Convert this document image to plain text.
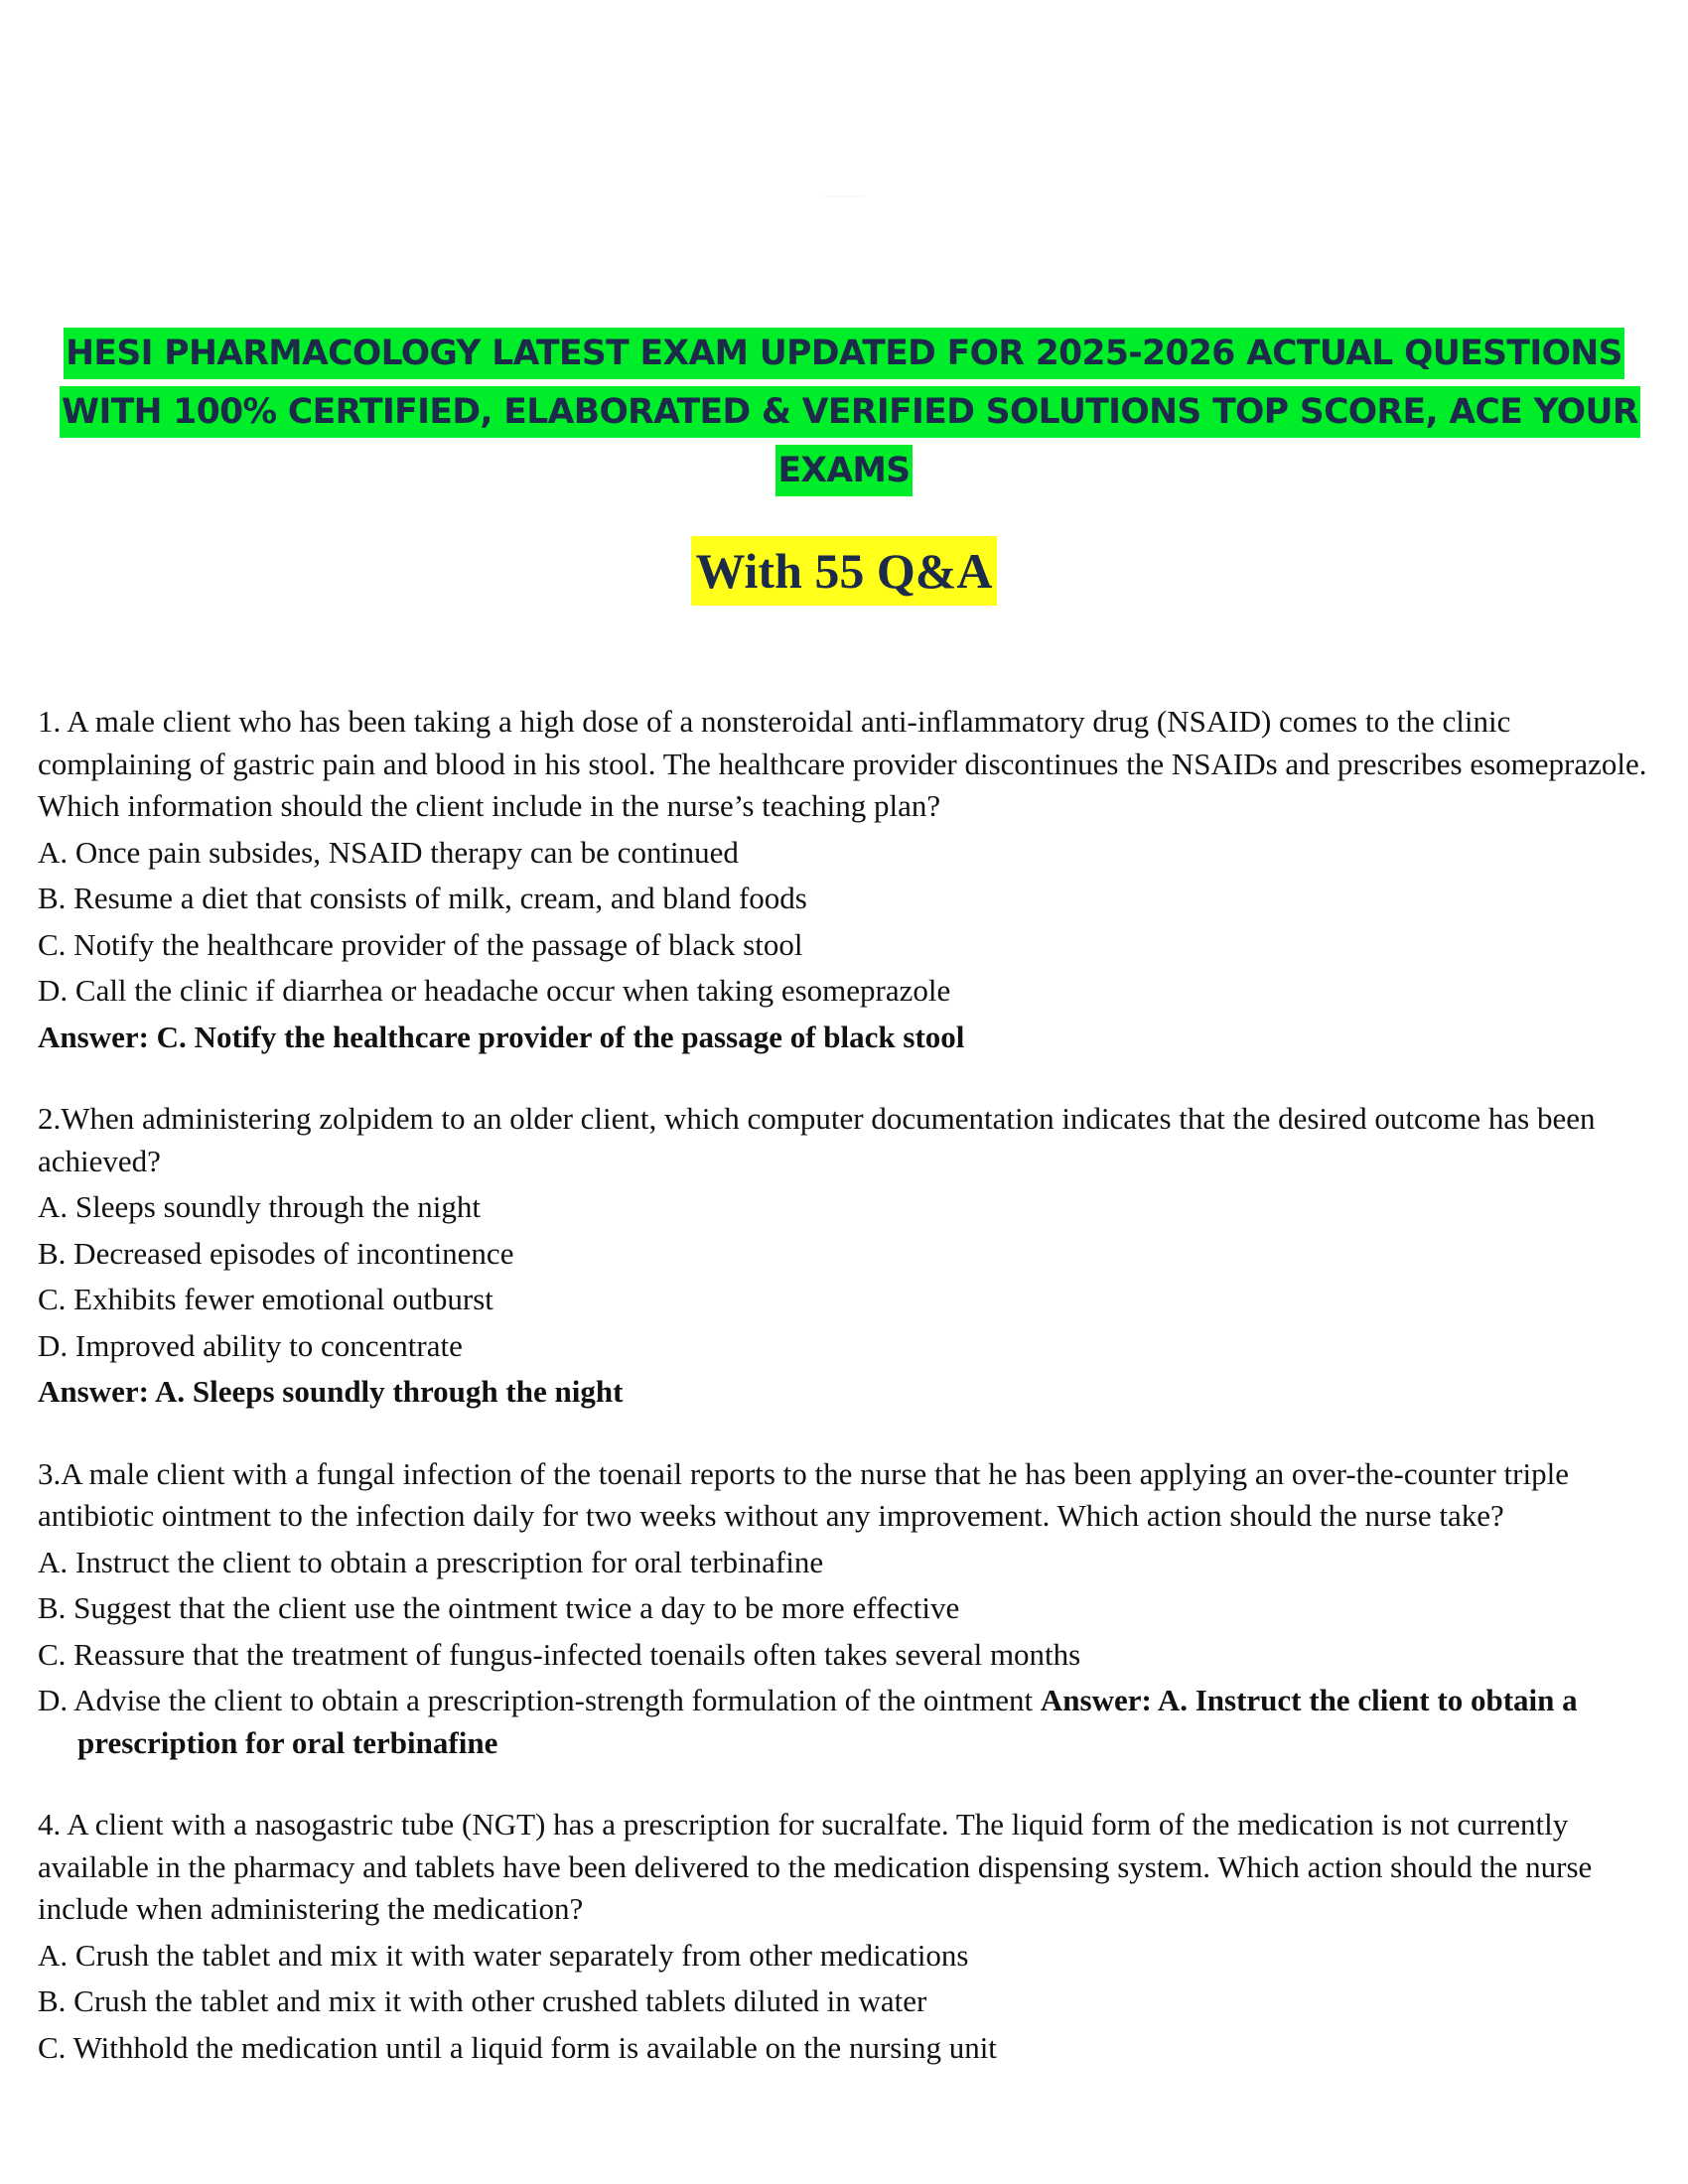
…………………………
HESI PHARMACOLOGY LATEST EXAM UPDATED FOR 2025-2026 ACTUAL QUESTIONS
WITH 100% CERTIFIED, ELABORATED & VERIFIED SOLUTIONS TOP SCORE, ACE YOUR
EXAMS
With 55 Q&A

1. A male client who has been taking a high dose of a nonsteroidal anti-inflammatory drug (NSAID) comes to the clinic complaining of gastric pain and blood in his stool. The healthcare provider discontinues the NSAIDs and prescribes esomeprazole. Which information should the client include in the nurse’s teaching plan?

A. Once pain subsides, NSAID therapy can be continued

B. Resume a diet that consists of milk, cream, and bland foods

C. Notify the healthcare provider of the passage of black stool

D. Call the clinic if diarrhea or headache occur when taking esomeprazole

Answer: C. Notify the healthcare provider of the passage of black stool

2.When administering zolpidem to an older client, which computer documentation indicates that the desired outcome has been achieved?

A. Sleeps soundly through the night

B. Decreased episodes of incontinence

C. Exhibits fewer emotional outburst

D. Improved ability to concentrate

Answer: A. Sleeps soundly through the night

3.A male client with a fungal infection of the toenail reports to the nurse that he has been applying an over-the-counter triple antibiotic ointment to the infection daily for two weeks without any improvement. Which action should the nurse take?

A. Instruct the client to obtain a prescription for oral terbinafine

B. Suggest that the client use the ointment twice a day to be more effective

C. Reassure that the treatment of fungus-infected toenails often takes several months

D. Advise the client to obtain a prescription-strength formulation of the ointment Answer: A. Instruct the client to obtain a prescription for oral terbinafine

4. A client with a nasogastric tube (NGT) has a prescription for sucralfate. The liquid form of the medication is not currently available in the pharmacy and tablets have been delivered to the medication dispensing system. Which action should the nurse include when administering the medication?

A. Crush the tablet and mix it with water separately from other medications

B. Crush the tablet and mix it with other crushed tablets diluted in water

C. Withhold the medication until a liquid form is available on the nursing unit
